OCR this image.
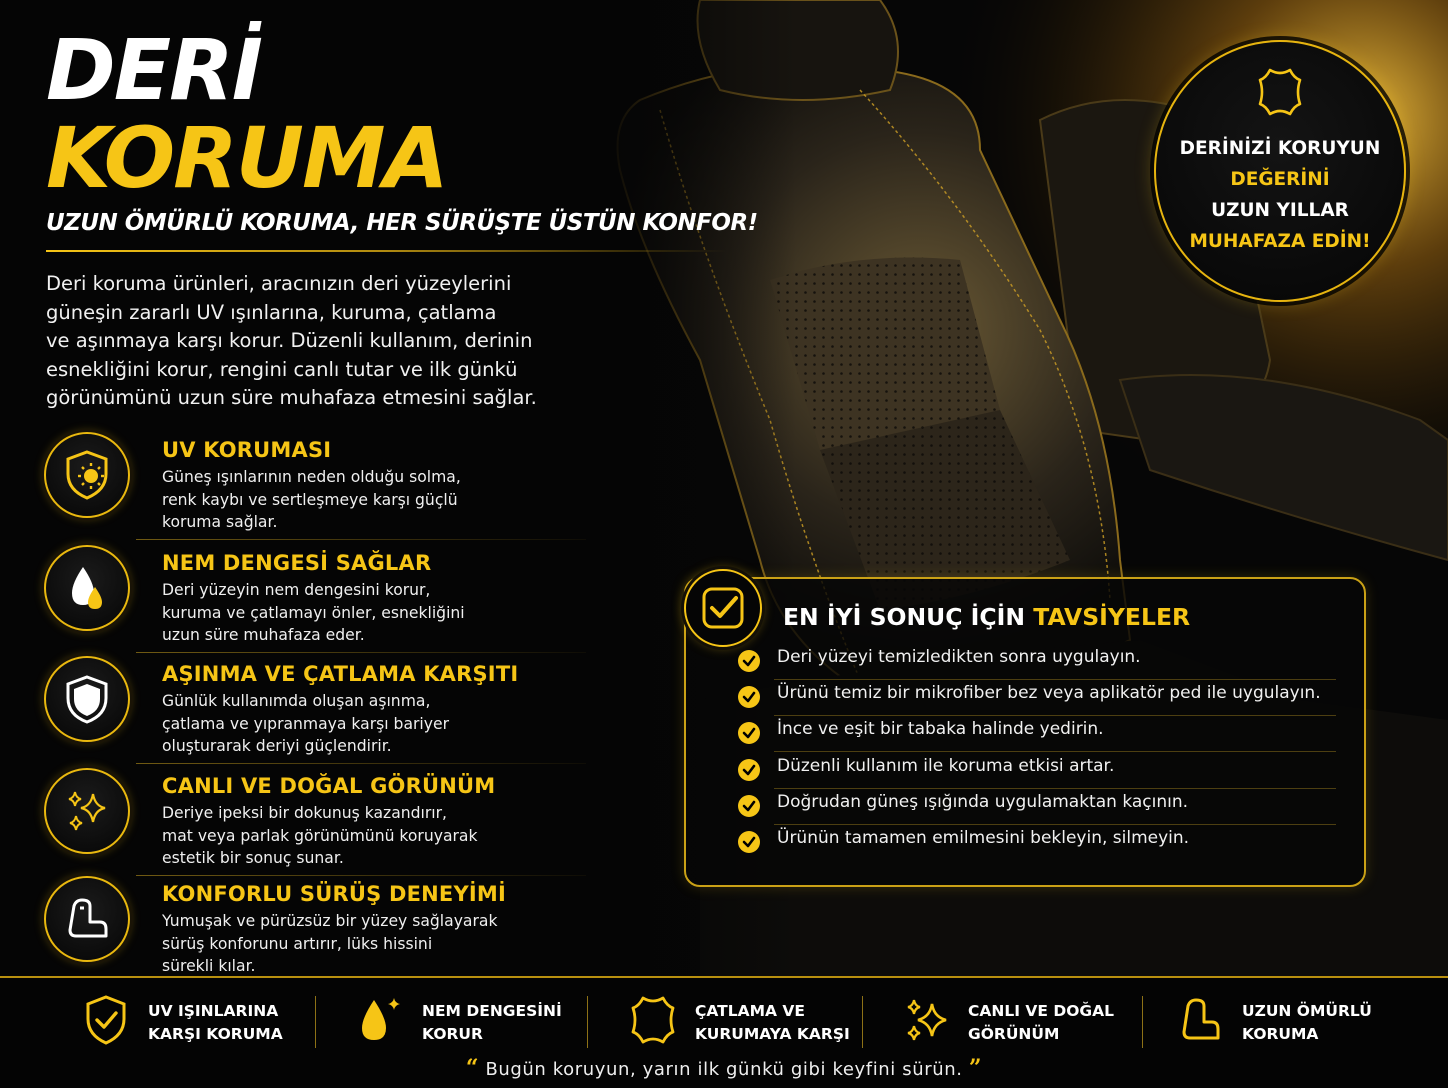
DERİ
KORUMA
UZUN ÖMÜRLÜ KORUMA, HER SÜRÜŞTE ÜSTÜN KONFOR!
Deri koruma ürünleri, aracınızın deri yüzeylerini
güneşin zararlı UV ışınlarına, kuruma, çatlama
ve aşınmaya karşı korur. Düzenli kullanım, derinin
esnekliğini korur, rengini canlı tutar ve ilk günkü
görünümünü uzun süre muhafaza etmesini sağlar.
UV KORUMASI
Güneş ışınlarının neden olduğu solma,
renk kaybı ve sertleşmeye karşı güçlü
koruma sağlar.
NEM DENGESİ SAĞLAR
Deri yüzeyin nem dengesini korur,
kuruma ve çatlamayı önler, esnekliğini
uzun süre muhafaza eder.
AŞINMA VE ÇATLAMA KARŞITI
Günlük kullanımda oluşan aşınma,
çatlama ve yıpranmaya karşı bariyer
oluşturarak deriyi güçlendirir.
CANLI VE DOĞAL GÖRÜNÜM
Deriye ipeksi bir dokunuş kazandırır,
mat veya parlak görünümünü koruyarak
estetik bir sonuç sunar.
KONFORLU SÜRÜŞ DENEYİMİ
Yumuşak ve pürüzsüz bir yüzey sağlayarak
sürüş konforunu artırır, lüks hissini
sürekli kılar.
DERİNİZİ KORUYUN
DEĞERİNİ
UZUN YILLAR
MUHAFAZA EDİN!
EN İYİ SONUÇ İÇİN TAVSİYELER
Deri yüzeyi temizledikten sonra uygulayın.
Ürünü temiz bir mikrofiber bez veya aplikatör ped ile uygulayın.
İnce ve eşit bir tabaka halinde yedirin.
Düzenli kullanım ile koruma etkisi artar.
Doğrudan güneş ışığında uygulamaktan kaçının.
Ürünün tamamen emilmesini bekleyin, silmeyin.
UV IŞINLARINA
KARŞI KORUMA
NEM DENGESİNİ
KORUR
ÇATLAMA VE
KURUMAYA KARŞI
CANLI VE DOĞAL
GÖRÜNÜM
UZUN ÖMÜRLÜ
KORUMA
“ Bugün koruyun, yarın ilk günkü gibi keyfini sürün. ”
